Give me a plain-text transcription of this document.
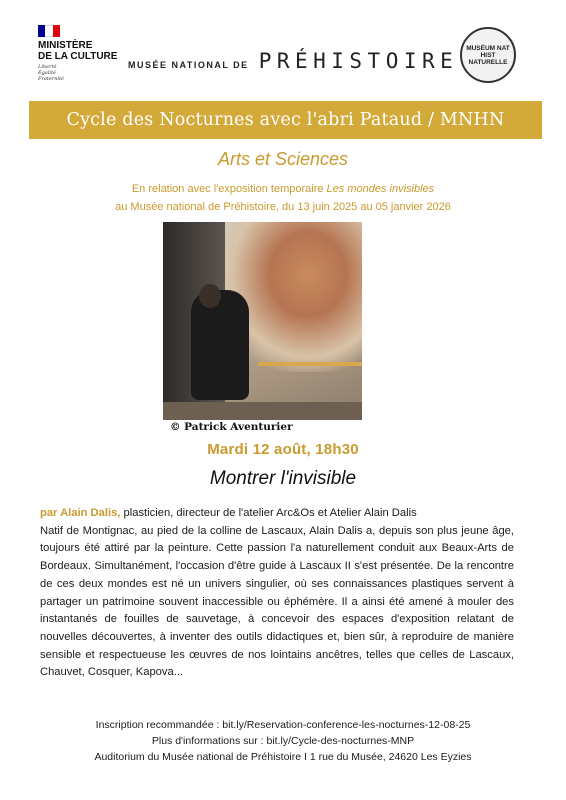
MINISTÈRE
DE LA CULTURE
Liberté
Égalité
Fraternité
MUSÉE NATIONAL DE PRÉHISTOIRE
MUSÉUM NAT HIST NATURELLE
Cycle des Nocturnes avec l'abri Pataud / MNHN
Arts et Sciences
En relation avec l'exposition temporaire Les mondes invisibles
au Musée national de Préhistoire, du 13 juin 2025 au 05 janvier 2026
© Patrick Aventurier
Mardi 12 août, 18h30
Montrer l'invisible
par Alain Dalis, plasticien, directeur de l'atelier Arc&Os et Atelier Alain Dalis
Natif de Montignac, au pied de la colline de Lascaux, Alain Dalis a, depuis son plus jeune âge, toujours été attiré par la peinture. Cette passion l'a naturellement conduit aux Beaux-Arts de Bordeaux. Simultanément, l'occasion d'être guide à Lascaux II s'est présentée. De la rencontre de ces deux mondes est né un univers singulier, où ses connaissances plastiques servent à partager un patrimoine souvent inaccessible ou éphémère. Il a ainsi été amené à mouler des instantanés de fouilles de sauvetage, à concevoir des espaces d'exposition relatant de nouvelles découvertes, à inventer des outils didactiques et, bien sûr, à reproduire de manière sensible et respectueuse les œuvres de nos lointains ancêtres, telles que celles de Lascaux, Chauvet, Cosquer, Kapova...
Inscription recommandée : bit.ly/Reservation-conference-les-nocturnes-12-08-25
Plus d'informations sur : bit.ly/Cycle-des-nocturnes-MNP
Auditorium du Musée national de Préhistoire I 1 rue du Musée, 24620 Les Eyzies
